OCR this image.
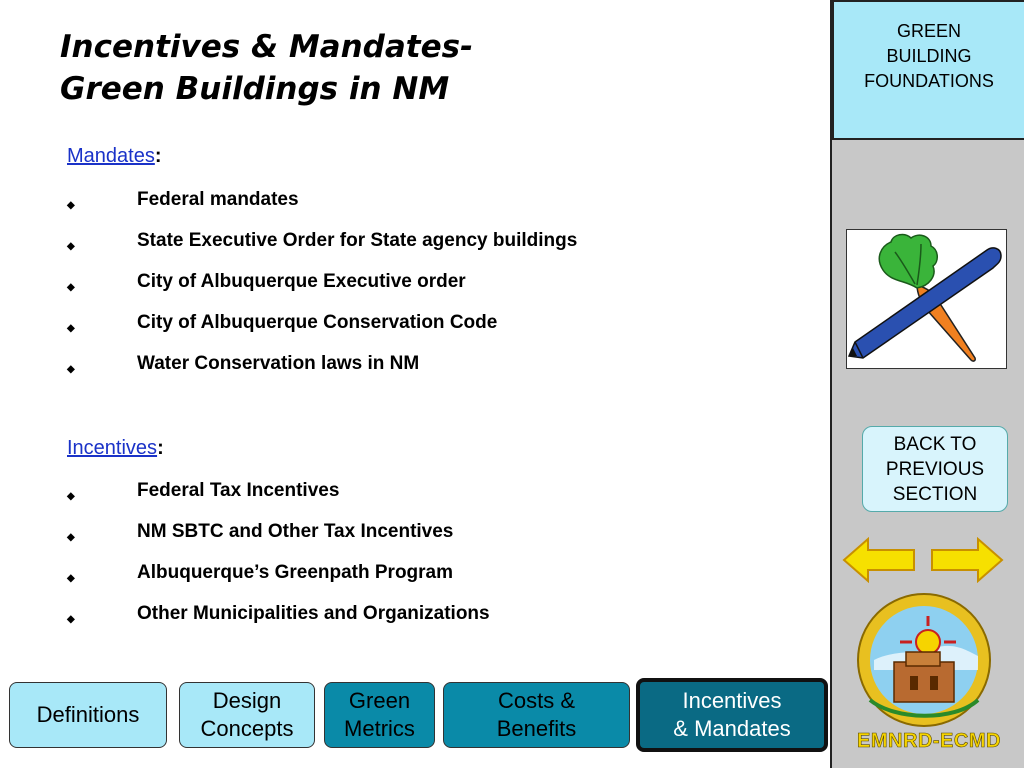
Incentives & Mandates-
Green Buildings in NM
Mandates:
◆	Federal mandates
◆	State Executive Order for State agency buildings
◆	City of Albuquerque Executive order
◆	City of Albuquerque Conservation Code
◆	Water Conservation laws in NM
Incentives:
◆	Federal Tax Incentives
◆	NM SBTC and Other Tax Incentives
◆	Albuquerque’s Greenpath Program
◆	Other Municipalities and Organizations
GREEN
BUILDING
FOUNDATIONS
BACK TO
PREVIOUS
SECTION
EMNRD-ECMD
Definitions
Design
Concepts
Green
Metrics
Costs &
Benefits
Incentives
& Mandates
